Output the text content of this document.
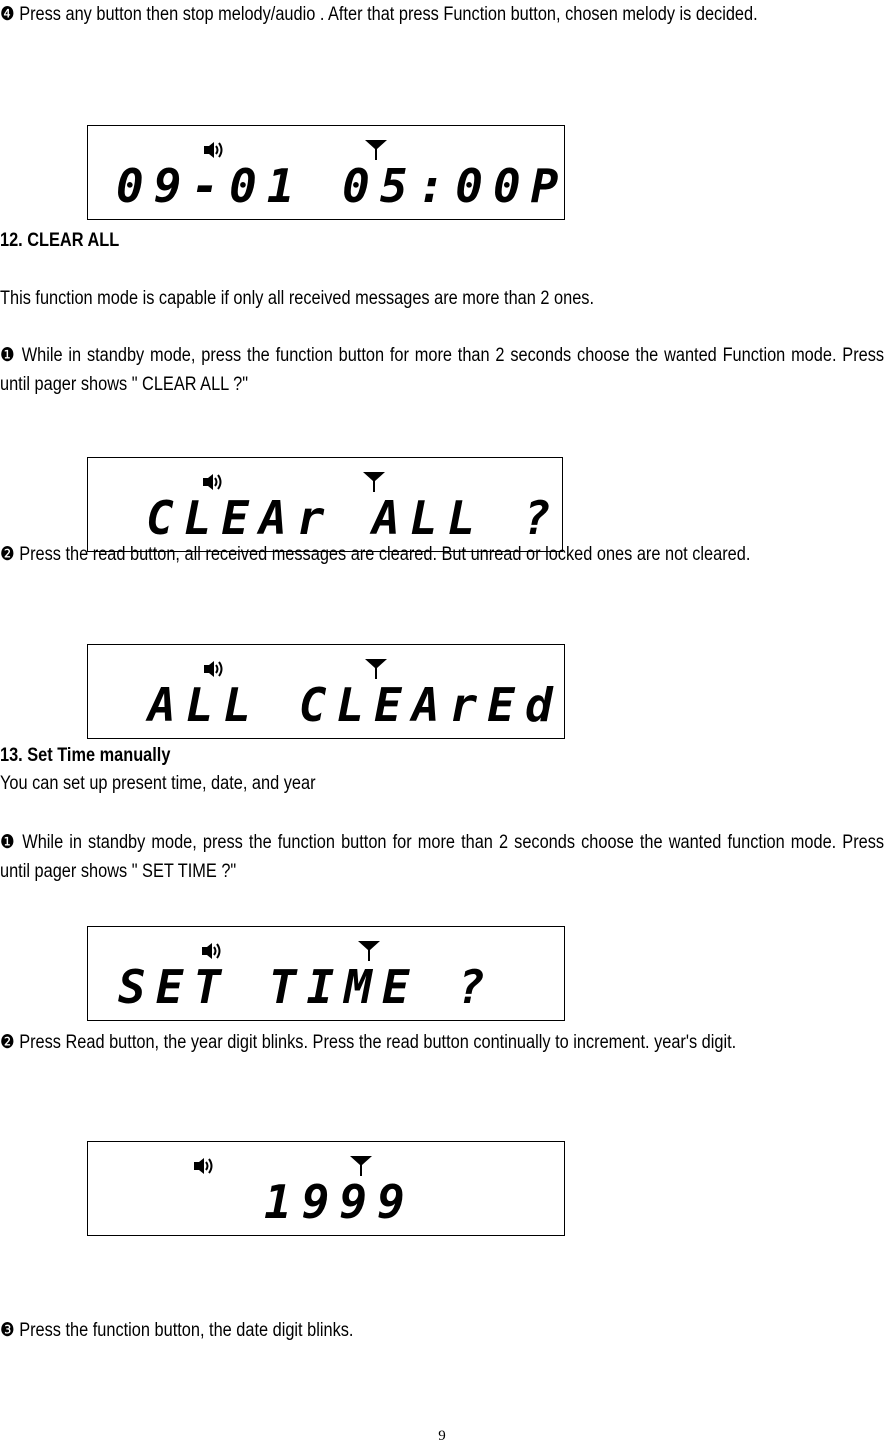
❹ Press any button then stop melody/audio . After that press Function button, chosen melody is decided.

09-01 05:00P

12. CLEAR ALL

This function mode is capable if only all received messages are more than 2 ones.

❶ While in standby mode, press the function button for more than 2 seconds choose the wanted Function mode. Press until pager shows " CLEAR ALL ?"

CLEAr ALL ?

❷ Press the read button, all received messages are cleared. But unread or locked ones are not cleared.

ALL CLEArEd

13. Set Time manually

You can set up present time, date, and year

❶ While in standby mode, press the function button for more than 2 seconds choose the wanted function mode. Press until pager shows " SET TIME ?"

SET TIME ?

❷ Press Read button, the year digit blinks. Press the read button continually to increment. year's digit.

1999

❸ Press the function button, the date digit blinks.

9
